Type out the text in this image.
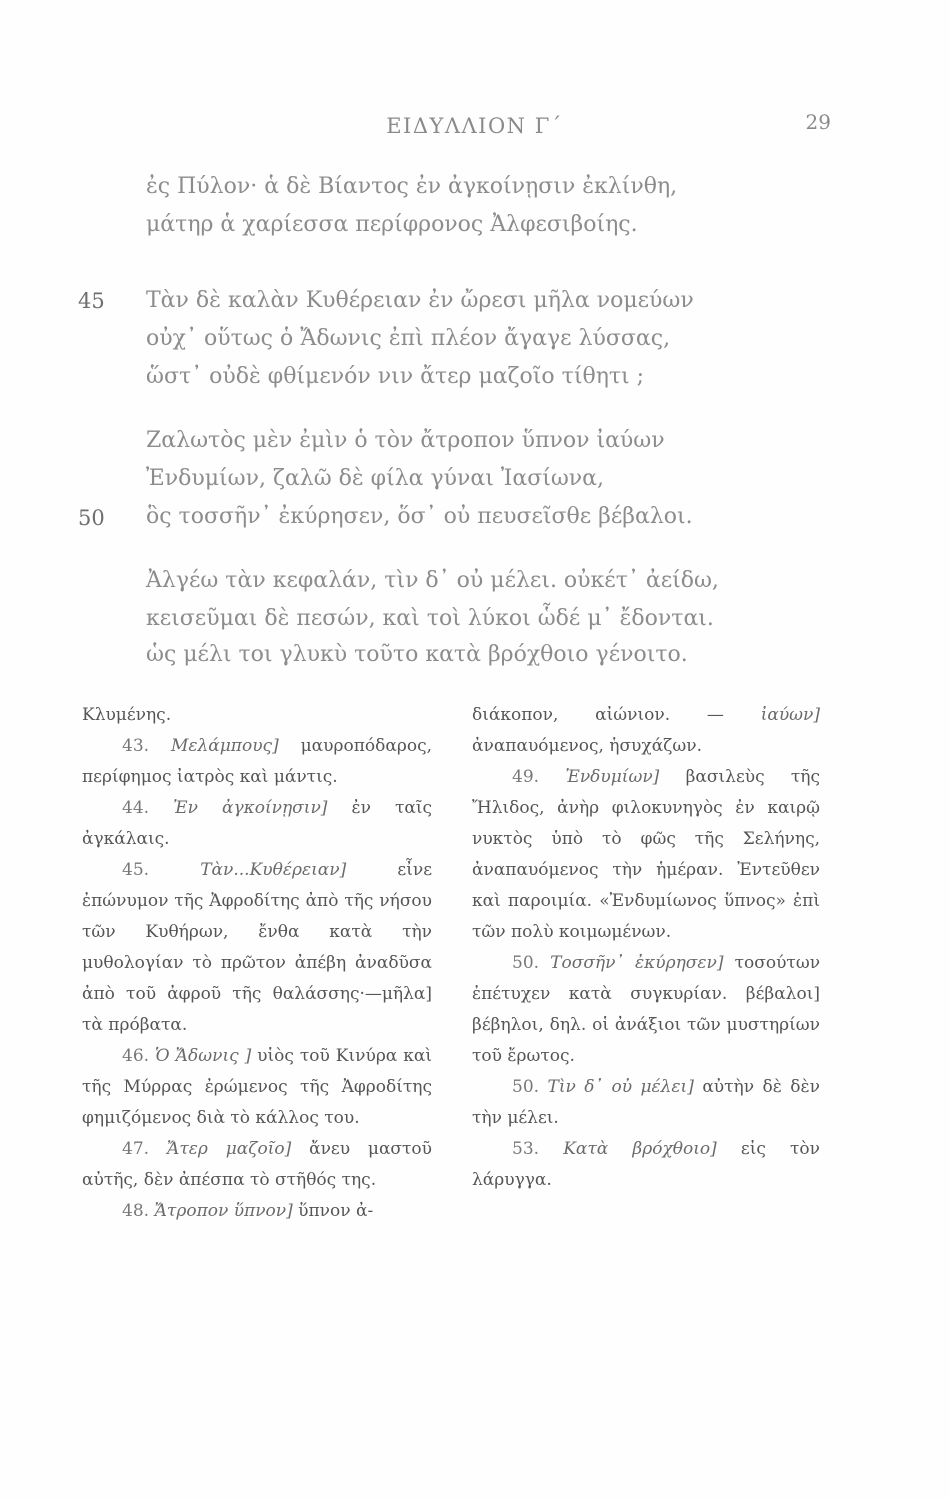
ΕΙΔΥΛΛΙΟΝ Γ΄	29
ἐς Πύλον· ἁ δὲ Βίαντος ἐν ἀγκοίνῃσιν ἐκλίνθη,
μάτηρ ἁ χαρίεσσα περίφρονος Ἀλφεσιβοίης.
45 Τὰν δὲ καλὰν Κυθέρειαν ἐν ὤρεσι μῆλα νομεύων
οὐχ᾽ οὕτως ὁ Ἄδωνις ἐπὶ πλέον ἄγαγε λύσσας,
ὥστ᾽ οὐδὲ φθίμενόν νιν ἄτερ μαζοῖο τίθητι ;
Ζαλωτὸς μὲν ἐμὶν ὁ τὸν ἄτροπον ὕπνον ἰαύων
Ἐνδυμίων, ζαλῶ δὲ φίλα γύναι Ἰασίωνα,
50 ὃς τοσσῆν᾽ ἐκύρησεν, ὅσ᾽ οὐ πευσεῖσθε βέβαλοι.
Ἀλγέω τὰν κεφαλάν, τὶν δ᾽ οὐ μέλει. οὐκέτ᾽ ἀείδω,
κεισεῦμαι δὲ πεσών, καὶ τοὶ λύκοι ὧδέ μ᾽ ἔδονται.
ὡς μέλι τοι γλυκὺ τοῦτο κατὰ βρόχθοιο γένοιτο.

Κλυμένης.

43. Μελάμπους] μαυρoπόδαρος, περίφημος ἰατρὸς καὶ μάντις.

44. Ἐν ἀγκοίνῃσιν] ἐν ταῖς ἀγκάλαις.

45.	Τὰν...Κυθέρειαν]	εἶνε ἐπώνυμον τῆς Ἀφροδίτης ἀπὸ τῆς νήσου τῶν Κυθήρων, ἔνθα κατὰ τὴν μυθολογίαν τὸ πρῶτον ἀπέβη ἀναδῦσα ἀπὸ τοῦ ἀφροῦ τῆς θαλάσσης·—μῆλα] τὰ πρόβατα.

46. Ὁ Ἄδωνις ] υἱὸς τοῦ Κινύρα καὶ τῆς Μύρρας ἐρώμενος τῆς Ἀφροδίτης φημιζόμενος διὰ τὸ κάλλος του.

47. Ἄτερ μαζοῖο] ἄνευ μαστοῦ αὐτῆς, δὲν ἀπέσπα τὸ στῆθός της.

48. Ἄτροπον ὕπνον] ὕπνον ἀ-

διάκοπον, αἰώνιον. — ἰαύων] ἀναπαυόμενος, ἡσυχάζων.

49. Ἐνδυμίων] βασιλεὺς τῆς Ἤλιδος, ἀνὴρ φιλοκυνηγὸς ἐν καιρῷ νυκτὸς ὑπὸ τὸ φῶς τῆς Σελήνης, ἀναπαυόμενος τὴν ἡμέραν. Ἐντεῦθεν καὶ παροιμία. «Ἐνδυμίωνος ὕπνος» ἐπὶ τῶν πολὺ κοιμωμένων.

50. Τοσσῆν᾽ ἐκύρησεν] τοσούτων ἐπέτυχεν κατὰ συγκυρίαν. βέβαλοι] βέβηλοι, δηλ. οἱ ἀνάξιοι τῶν μυστηρίων τοῦ ἔρωτος.

50. Τὶν δ᾽ οὐ μέλει] αὐτὴν δὲ δὲν τὴν μέλει.

53. Κατὰ βρόχθοιο] εἰς τὸν λάρυγγα.
